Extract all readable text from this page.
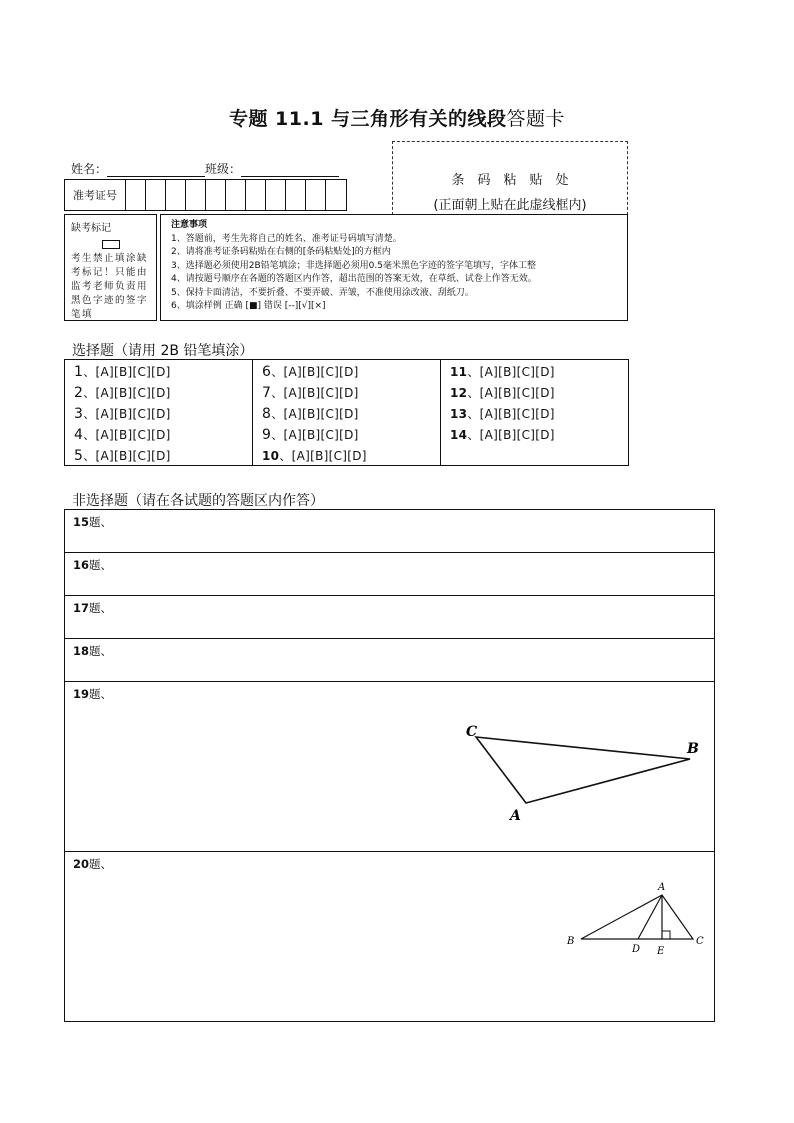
专题 11.1 与三角形有关的线段答题卡
姓名：	班级：
准考证号
条码粘贴处
(正面朝上贴在此虚线框内)
缺考标记
考生禁止填涂缺考标记！只能由监考老师负责用黑色字迹的签字笔填
注意事项
1、答题前，考生先将自己的姓名、准考证号码填写清楚。
2、请将准考证条码粘贴在右侧的[条码粘贴处]的方框内
3、选择题必须使用2B铅笔填涂；非选择题必须用0.5毫米黑色字迹的签字笔填写，字体工整
4、请按题号顺序在各题的答题区内作答，超出范围的答案无效，在草纸、试卷上作答无效。
5、保持卡面清洁，不要折叠、不要弄破、弄皱，不准使用涂改液、刮纸刀。
6、填涂样例 正确 [■] 错误 [--][√][×]
选择题（请用 2B 铅笔填涂）
1、[A][B][C][D]
2、[A][B][C][D]
3、[A][B][C][D]
4、[A][B][C][D]
5、[A][B][C][D]
6、[A][B][C][D]
7、[A][B][C][D]
8、[A][B][C][D]
9、[A][B][C][D]
10、[A][B][C][D]
11、[A][B][C][D]
12、[A][B][C][D]
13、[A][B][C][D]
14、[A][B][C][D]
非选择题（请在各试题的答题区内作答）
15题、
16题、
17题、
18题、
19题、
C
B
A
20题、
A
B
D E
C
